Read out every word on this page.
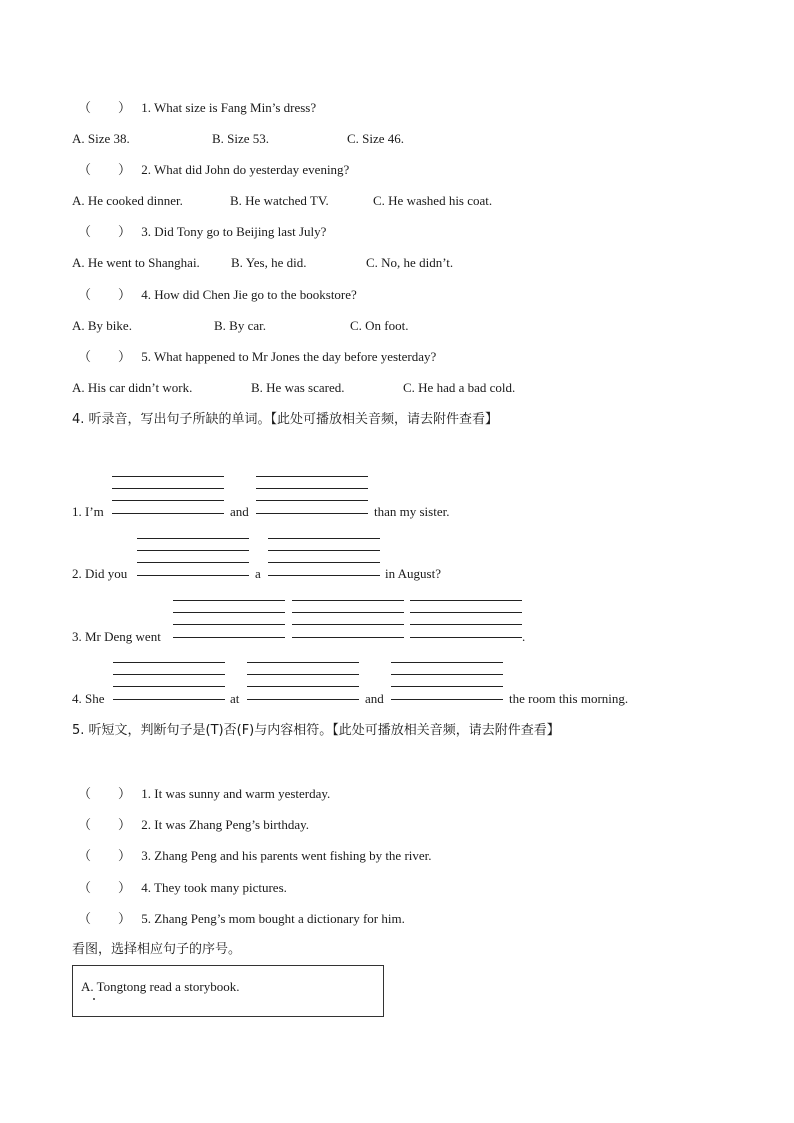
（ ） 1. What size is Fang Min’s dress?
A. Size 38.	B. Size 53.	C. Size 46.
（ ） 2. What did John do yesterday evening?
A. He cooked dinner.	B. He watched TV.	C. He washed his coat.
（ ） 3. Did Tony go to Beijing last July?
A. He went to Shanghai. B. Yes, he did.	C. No, he didn’t.
（ ） 4. How did Chen Jie go to the bookstore?
A. By bike.	B. By car.	C. On foot.
（ ） 5. What happened to Mr Jones the day before yesterday?
A. His car didn’t work.	B. He was scared.	C. He had a bad cold.
4. 听录音，写出句子所缺的单词。【此处可播放相关音频，请去附件查看】
1. I’m	and	than my sister.
2. Did you	a	in August?
3. Mr Deng went	.
4. She	at	and	the room this morning.
5. 听短文，判断句子是(T)否(F)与内容相符。【此处可播放相关音频，请去附件查看】
（ ） 1. It was sunny and warm yesterday.
（ ） 2. It was Zhang Peng’s birthday.
（ ） 3. Zhang Peng and his parents went fishing by the river.
（ ） 4. They took many pictures.
（ ） 5. Zhang Peng’s mom bought a dictionary for him.
看图，选择相应句子的序号。
A. Tongtong read a storybook.
